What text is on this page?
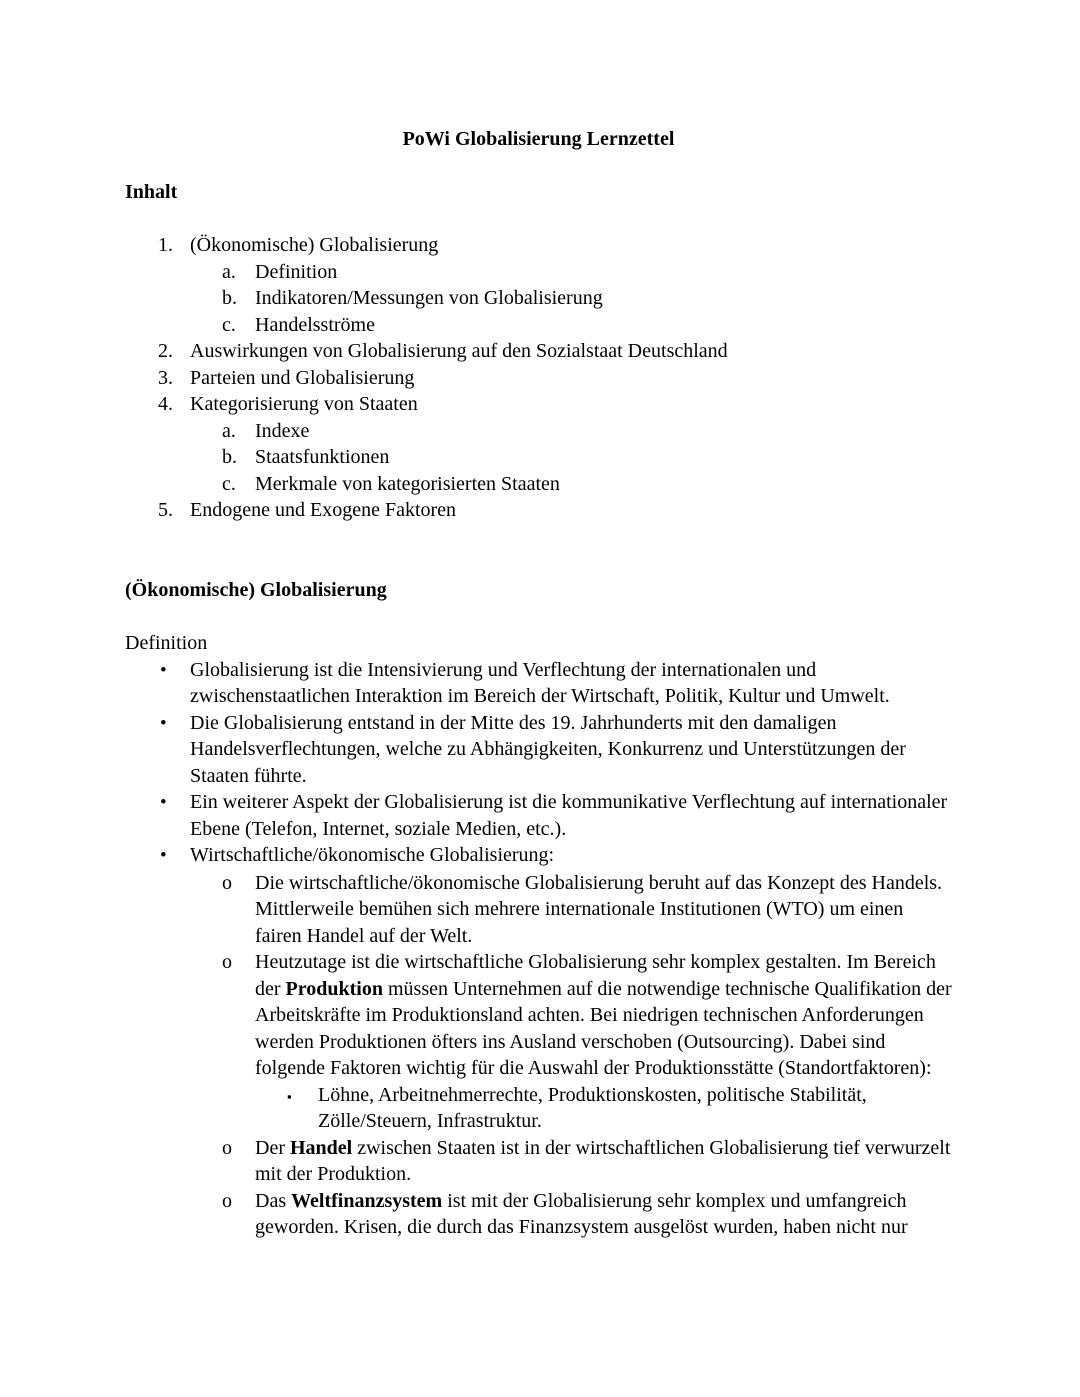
PoWi Globalisierung Lernzettel
Inhalt
1. (Ökonomische) Globalisierung
a. Definition
b. Indikatoren/Messungen von Globalisierung
c. Handelsströme
2. Auswirkungen von Globalisierung auf den Sozialstaat Deutschland
3. Parteien und Globalisierung
4. Kategorisierung von Staaten
a. Indexe
b. Staatsfunktionen
c. Merkmale von kategorisierten Staaten
5. Endogene und Exogene Faktoren
(Ökonomische) Globalisierung
Definition
•	Globalisierung ist die Intensivierung und Verflechtung der internationalen und zwischenstaatlichen Interaktion im Bereich der Wirtschaft, Politik, Kultur und Umwelt.
•	Die Globalisierung entstand in der Mitte des 19. Jahrhunderts mit den damaligen Handelsverflechtungen, welche zu Abhängigkeiten, Konkurrenz und Unterstützungen der Staaten führte.
•	Ein weiterer Aspekt der Globalisierung ist die kommunikative Verflechtung auf internationaler Ebene (Telefon, Internet, soziale Medien, etc.).
•	Wirtschaftliche/ökonomische Globalisierung:
o	Die wirtschaftliche/ökonomische Globalisierung beruht auf das Konzept des Handels. Mittlerweile bemühen sich mehrere internationale Institutionen (WTO) um einen fairen Handel auf der Welt.
o	Heutzutage ist die wirtschaftliche Globalisierung sehr komplex gestalten. Im Bereich der Produktion müssen Unternehmen auf die notwendige technische Qualifikation der Arbeitskräfte im Produktionsland achten. Bei niedrigen technischen Anforderungen werden Produktionen öfters ins Ausland verschoben (Outsourcing). Dabei sind folgende Faktoren wichtig für die Auswahl der Produktionsstätte (Standortfaktoren):
▪	Löhne, Arbeitnehmerrechte, Produktionskosten, politische Stabilität, Zölle/Steuern, Infrastruktur.
o	Der Handel zwischen Staaten ist in der wirtschaftlichen Globalisierung tief verwurzelt mit der Produktion.
o	Das Weltfinanzsystem ist mit der Globalisierung sehr komplex und umfangreich geworden. Krisen, die durch das Finanzsystem ausgelöst wurden, haben nicht nur
